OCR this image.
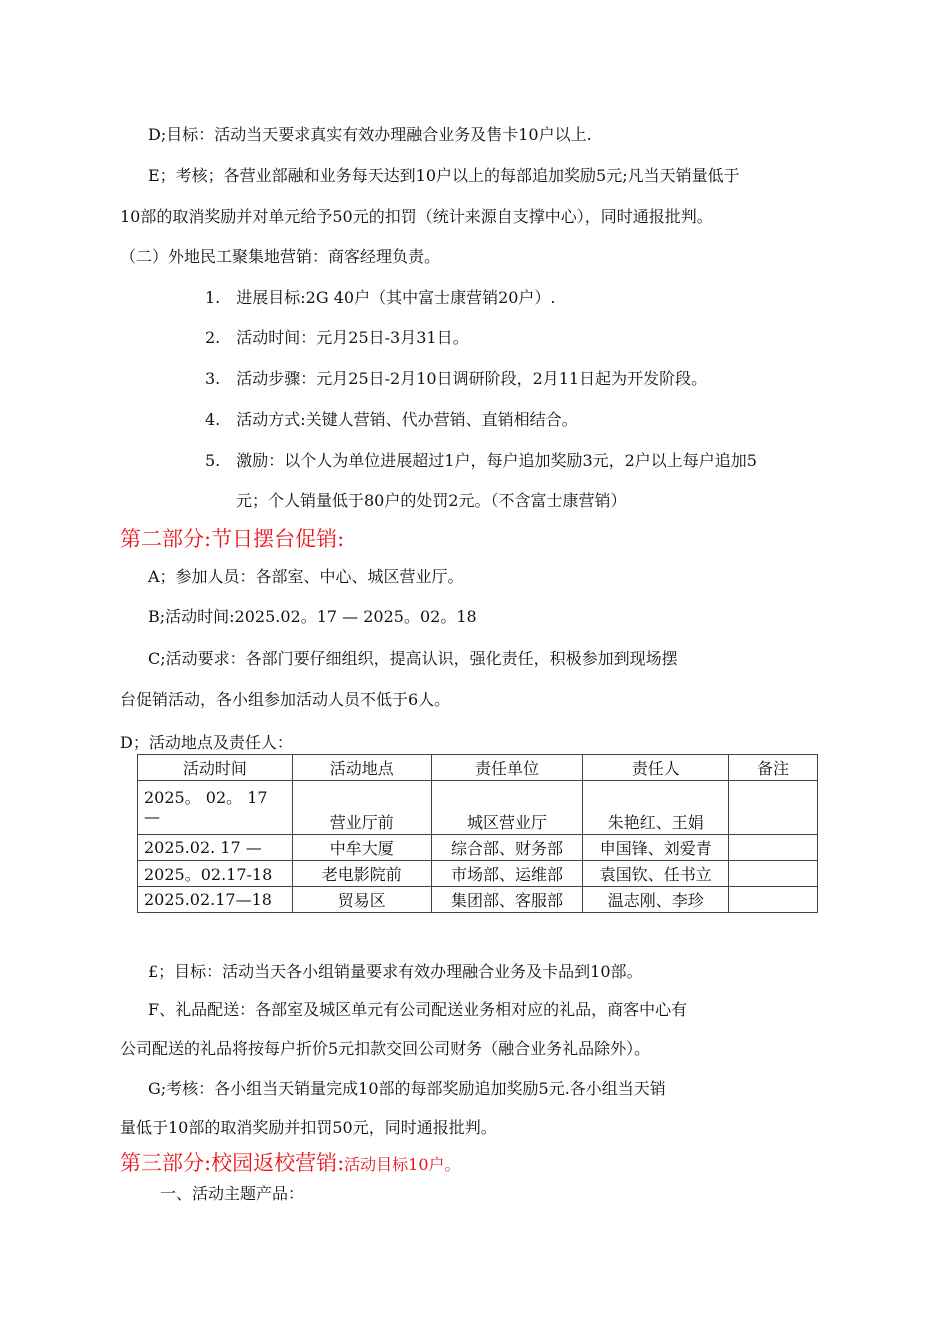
D;目标：活动当天要求真实有效办理融合业务及售卡10户以上.
E；考核；各营业部融和业务每天达到10户以上的每部追加奖励5元;凡当天销量低于
10部的取消奖励并对单元给予50元的扣罚（统计来源自支撑中心），同时通报批判。
（二）外地民工聚集地营销：商客经理负责。
1.　进展目标:2G 40户（其中富士康营销20户）.
2.　活动时间：元月25日-3月31日。
3.　活动步骤：元月25日-2月10日调研阶段，2月11日起为开发阶段。
4.　活动方式:关键人营销、代办营销、直销相结合。
5.　激励：以个人为单位进展超过1户，每户追加奖励3元，2户以上每户追加5
元；个人销量低于80户的处罚2元。（不含富士康营销）
第二部分:节日摆台促销:
A；参加人员：各部室、中心、城区营业厅。
B;活动时间:2025.02。17 — 2025。02。18
C;活动要求：各部门要仔细组织，提高认识，强化责任，积极参加到现场摆
台促销活动，各小组参加活动人员不低于6人。
D；活动地点及责任人：
活动时间	活动地点	责任单位	责任人	备注

2025。 02。 17
—	营业厅前	城区营业厅	朱艳红、王娟	
2025.02. 17 —	中牟大厦	综合部、财务部	申国锋、刘爱青	
2025。02.17-18	老电影院前	市场部、运维部	袁国钦、任书立	
2025.02.17—18	贸易区	集团部、客服部	温志刚、李珍	
£；目标：活动当天各小组销量要求有效办理融合业务及卡品到10部。
F、礼品配送：各部室及城区单元有公司配送业务相对应的礼品，商客中心有
公司配送的礼品将按每户折价5元扣款交回公司财务（融合业务礼品除外）。
G;考核：各小组当天销量完成10部的每部奖励追加奖励5元.各小组当天销
量低于10部的取消奖励并扣罚50元，同时通报批判。
第三部分:校园返校营销:活动目标10户。
一、活动主题产品：
